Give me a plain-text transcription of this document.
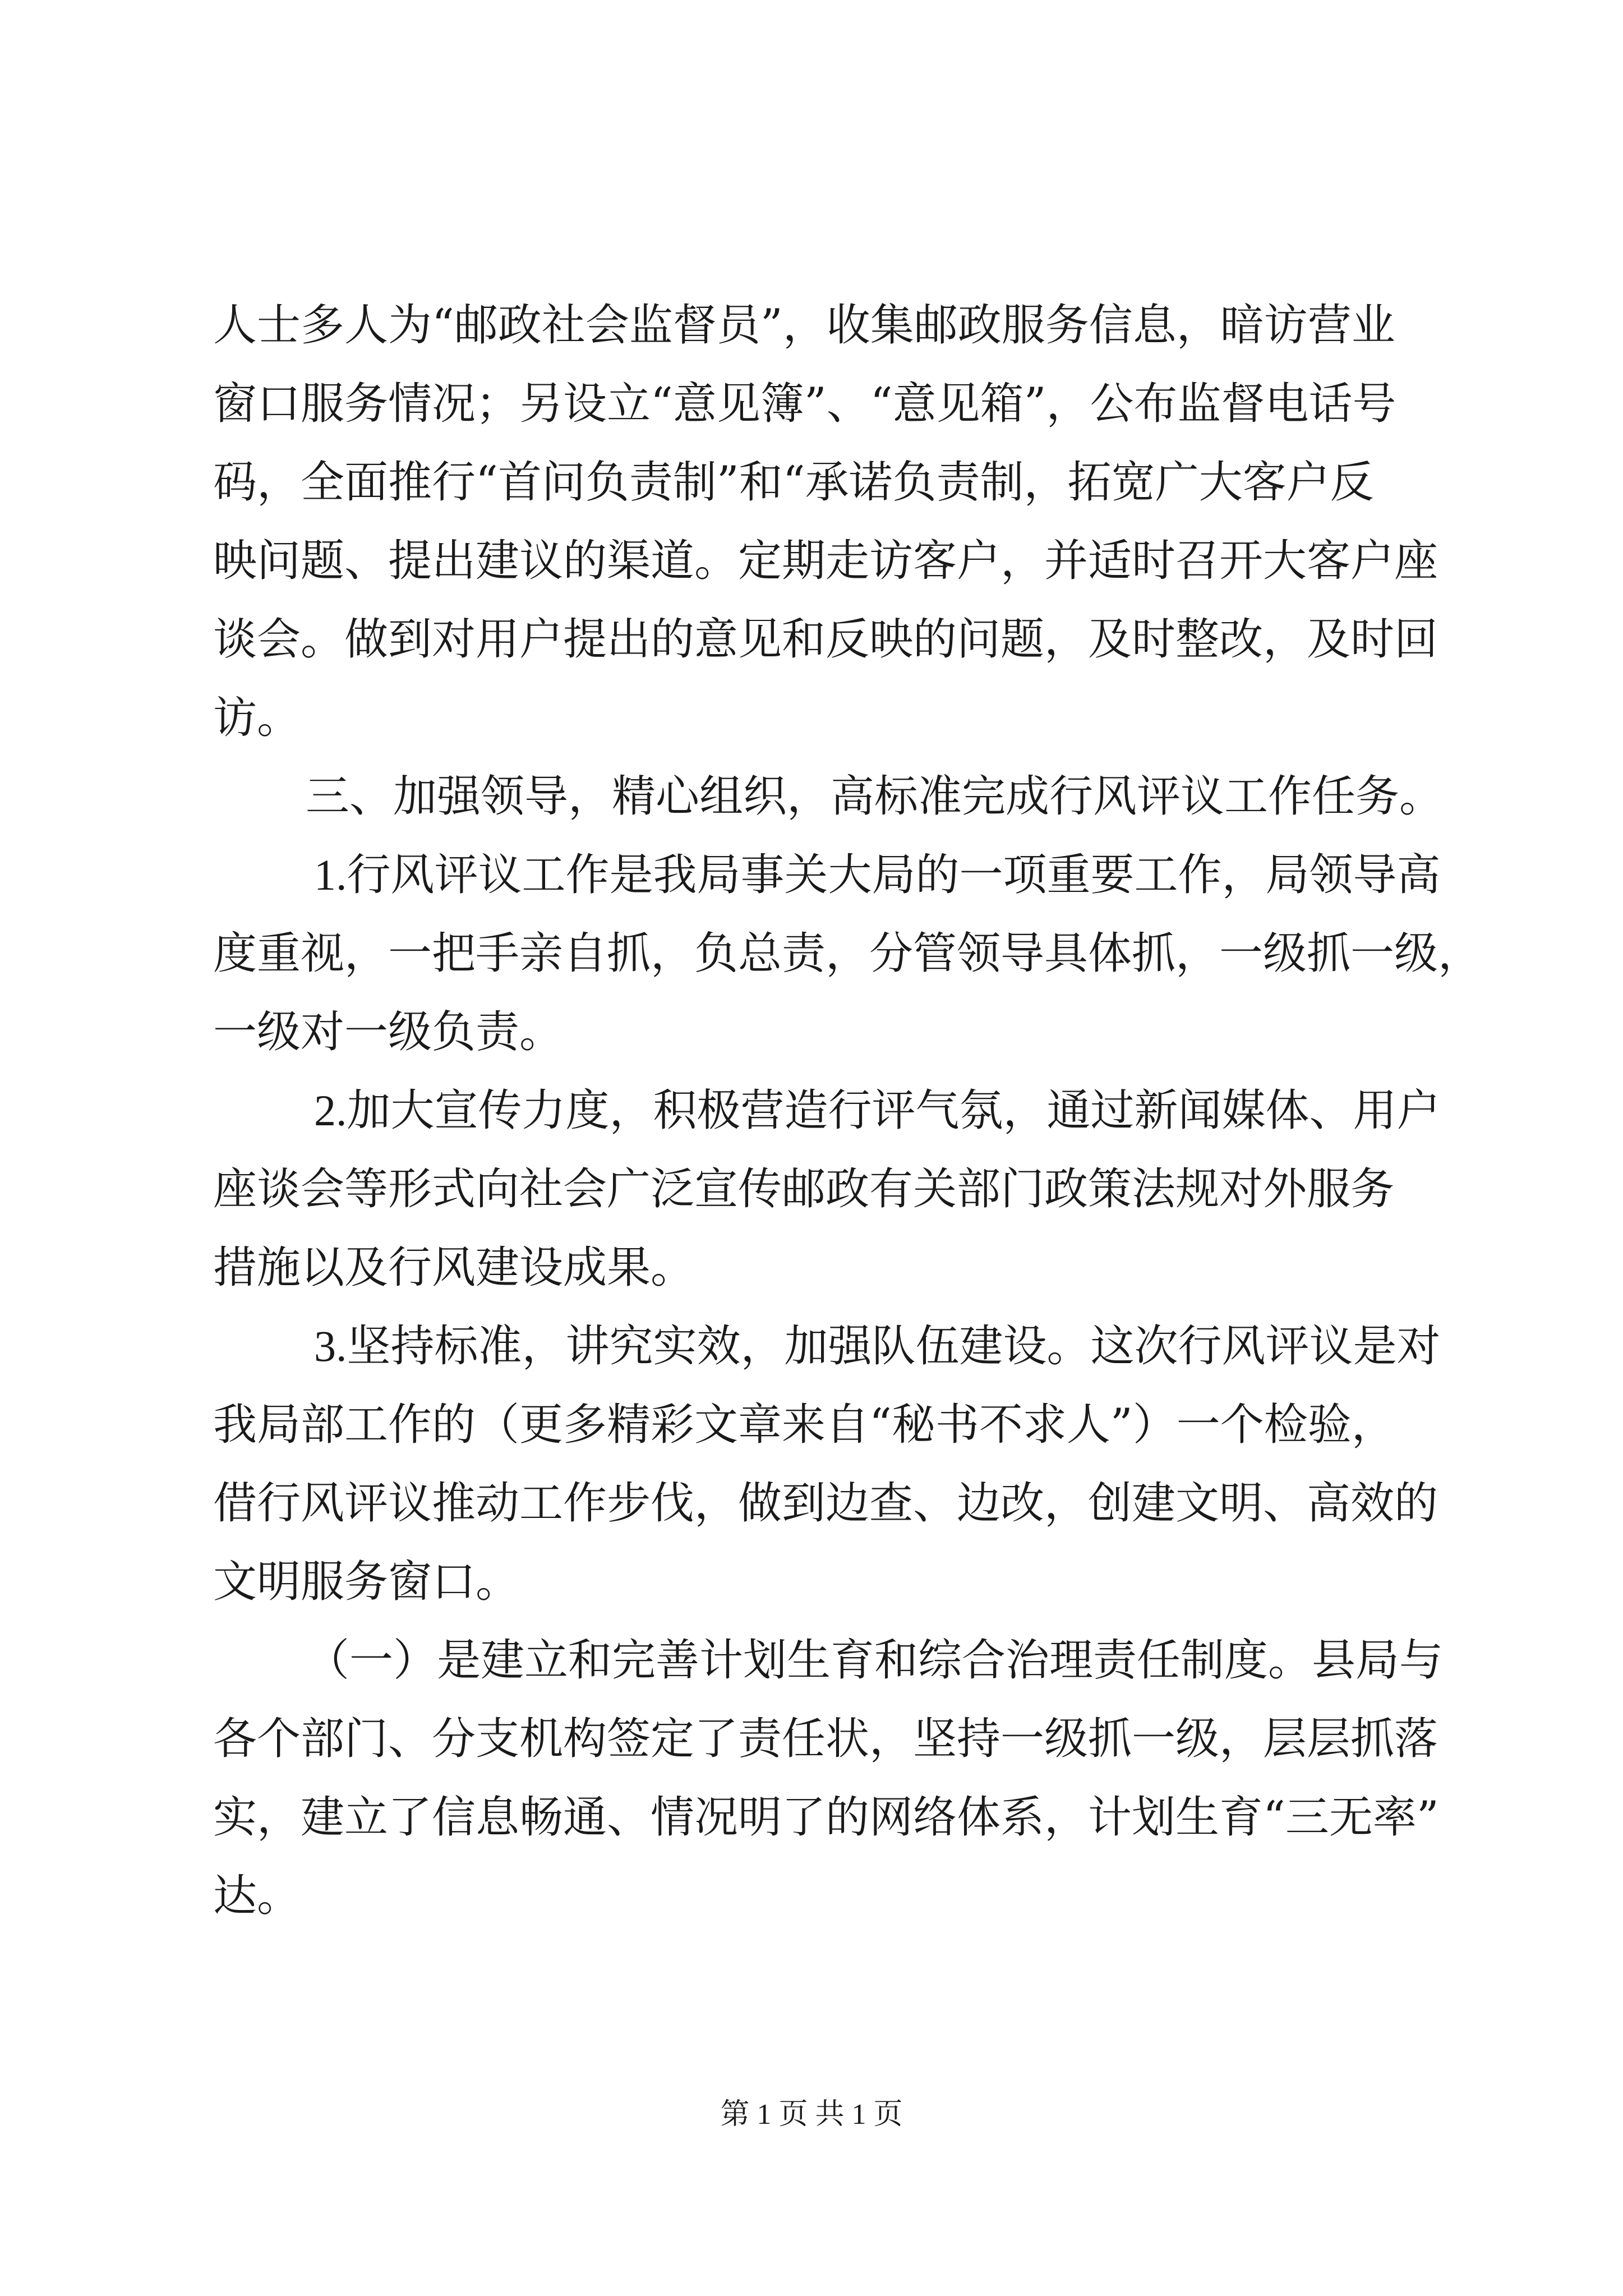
人士多人为“邮政社会监督员”，收集邮政服务信息，暗访营业

窗口服务情况；另设立“意见簿”、“意见箱”，公布监督电话号

码，全面推行“首问负责制”和“承诺负责制，拓宽广大客户反

映问题、提出建议的渠道。定期走访客户，并适时召开大客户座

谈会。做到对用户提出的意见和反映的问题，及时整改，及时回

访。

三、加强领导，精心组织，高标准完成行风评议工作任务。

1.行风评议工作是我局事关大局的一项重要工作，局领导高

度重视，一把手亲自抓，负总责，分管领导具体抓，一级抓一级，

一级对一级负责。

2.加大宣传力度，积极营造行评气氛，通过新闻媒体、用户

座谈会等形式向社会广泛宣传邮政有关部门政策法规对外服务

措施以及行风建设成果。

3.坚持标准，讲究实效，加强队伍建设。这次行风评议是对

我局部工作的（更多精彩文章来自“秘书不求人”）一个检验，

借行风评议推动工作步伐，做到边查、边改，创建文明、高效的

文明服务窗口。

（一）是建立和完善计划生育和综合治理责任制度。县局与

各个部门、分支机构签定了责任状，坚持一级抓一级，层层抓落

实，建立了信息畅通、情况明了的网络体系，计划生育“三无率”

达。

第 1 页 共 1 页
